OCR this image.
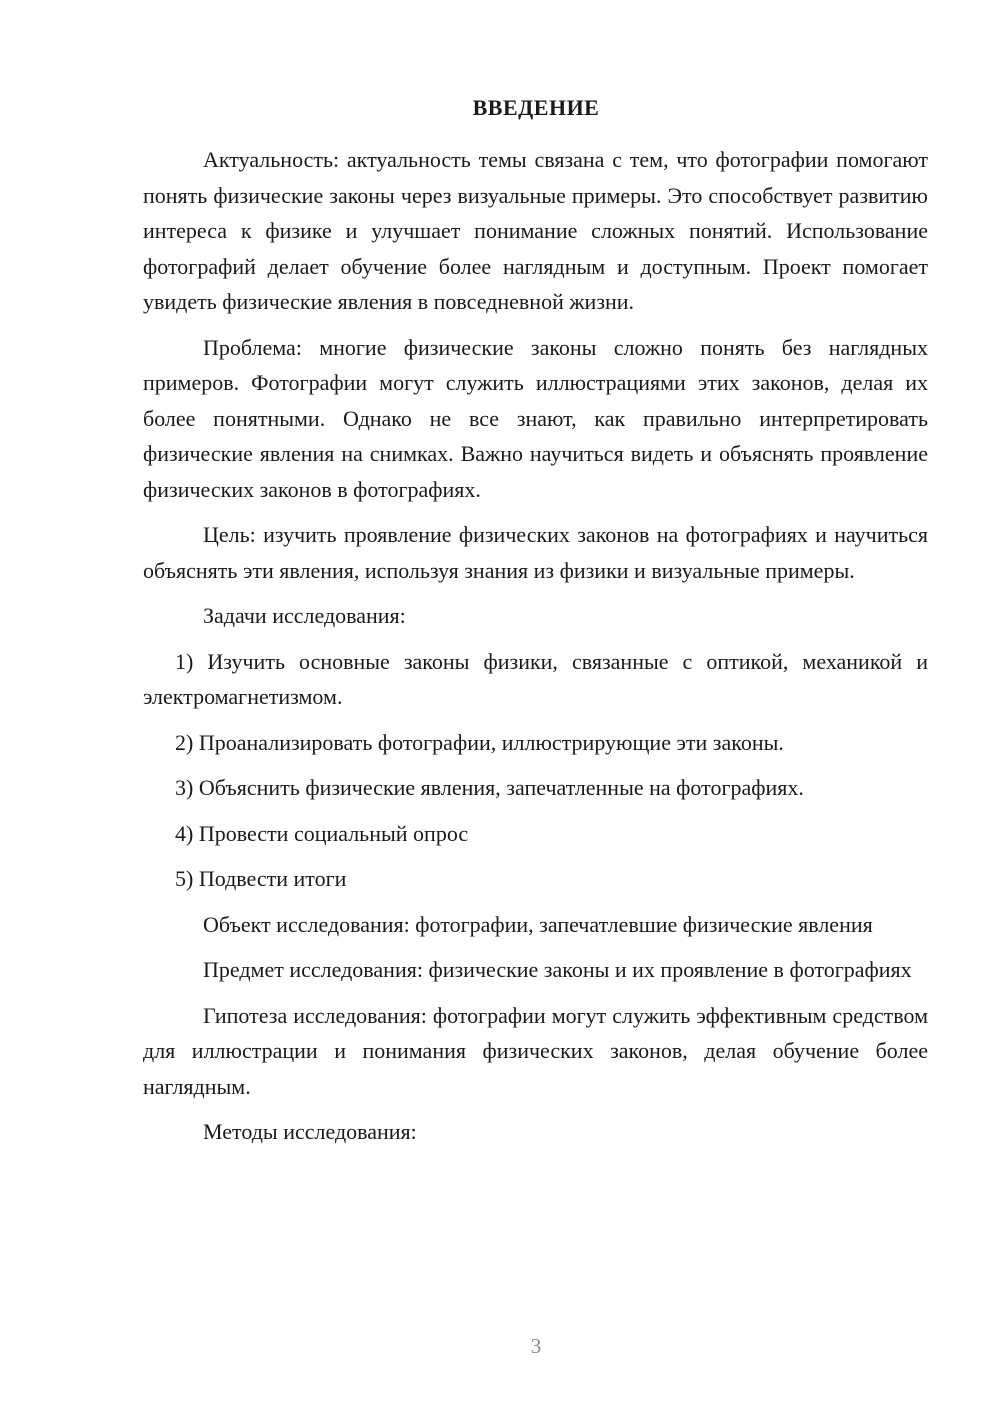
ВВЕДЕНИЕ

Актуальность: актуальность темы связана с тем, что фотографии помогают понять физические законы через визуальные примеры. Это способствует развитию интереса к физике и улучшает понимание сложных понятий. Использование фотографий делает обучение более наглядным и доступным. Проект помогает увидеть физические явления в повседневной жизни.

Проблема: многие физические законы сложно понять без наглядных примеров. Фотографии могут служить иллюстрациями этих законов, делая их более понятными. Однако не все знают, как правильно интерпретировать физические явления на снимках. Важно научиться видеть и объяснять проявление физических законов в фотографиях.

Цель: изучить проявление физических законов на фотографиях и научиться объяснять эти явления, используя знания из физики и визуальные примеры.

Задачи исследования:

1) Изучить основные законы физики, связанные с оптикой, механикой и электромагнетизмом.

2) Проанализировать фотографии, иллюстрирующие эти законы.

3) Объяснить физические явления, запечатленные на фотографиях.

4) Провести социальный опрос

5) Подвести итоги

Объект исследования: фотографии, запечатлевшие физические явления

Предмет исследования: физические законы и их проявление в фотографиях

Гипотеза исследования: фотографии могут служить эффективным средством для иллюстрации и понимания физических законов, делая обучение более наглядным.

Методы исследования:

3
